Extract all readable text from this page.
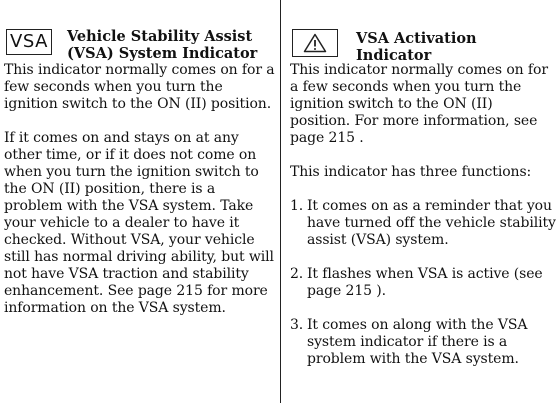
VSA Vehicle Stability Assist
(VSA) System Indicator

This indicator normally comes on for a few seconds when you turn the ignition switch to the ON (II) position.

If it comes on and stays on at any other time, or if it does not come on when you turn the ignition switch to the ON (II) position, there is a problem with the VSA system. Take your vehicle to a dealer to have it checked. Without VSA, your vehicle still has normal driving ability, but will not have VSA traction and stability enhancement. See page 215 for more information on the VSA system.

VSA Activation Indicator

This indicator normally comes on for a few seconds when you turn the ignition switch to the ON (II) position. For more information, see page 215 .

This indicator has three functions:

1. It comes on as a reminder that you have turned off the vehicle stability assist (VSA) system.
2. It flashes when VSA is active (see page 215 ).
3. It comes on along with the VSA system indicator if there is a problem with the VSA system.
